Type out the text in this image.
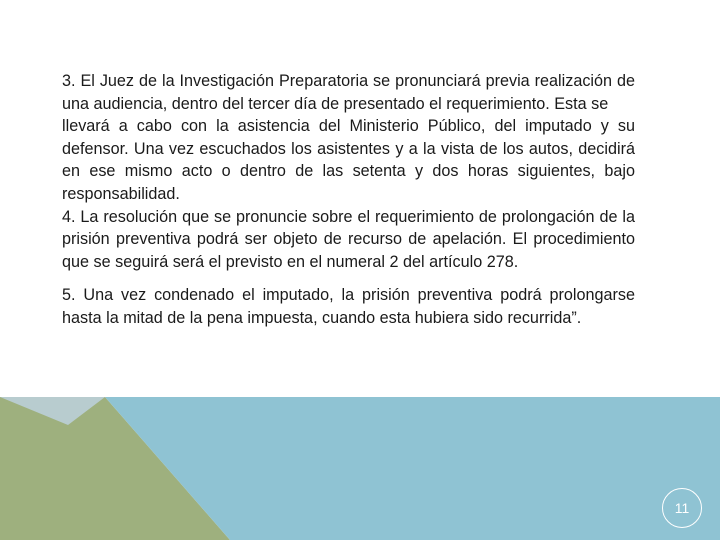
3. El Juez de la Investigación Preparatoria se pronunciará previa realización de una audiencia, dentro del tercer día de presentado el requerimiento. Esta se

llevará a cabo con la asistencia del Ministerio Público, del imputado y su defensor. Una vez escuchados los asistentes y a la vista de los autos, decidirá en ese mismo acto o dentro de las setenta y dos horas siguientes, bajo responsabilidad.

4. La resolución que se pronuncie sobre el requerimiento de prolongación de la prisión preventiva podrá ser objeto de recurso de apelación. El procedimiento que se seguirá será el previsto en el numeral 2 del artículo 278.

5. Una vez condenado el imputado, la prisión preventiva podrá prolongarse hasta la mitad de la pena impuesta, cuando esta hubiera sido recurrida”.

11
